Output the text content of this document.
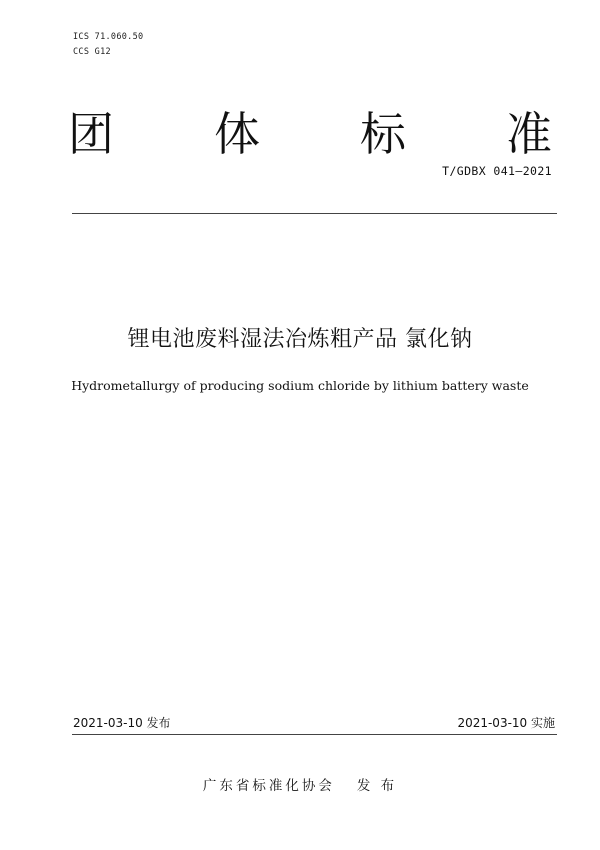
ICS 71.060.50
CCS G12
团 体 标 准
T/GDBX 041—2021
锂电池废料湿法冶炼粗产品 氯化钠
Hydrometallurgy of producing sodium chloride by lithium battery waste
2021-03-10 发布	2021-03-10 实施
广东省标准化协会 发 布
